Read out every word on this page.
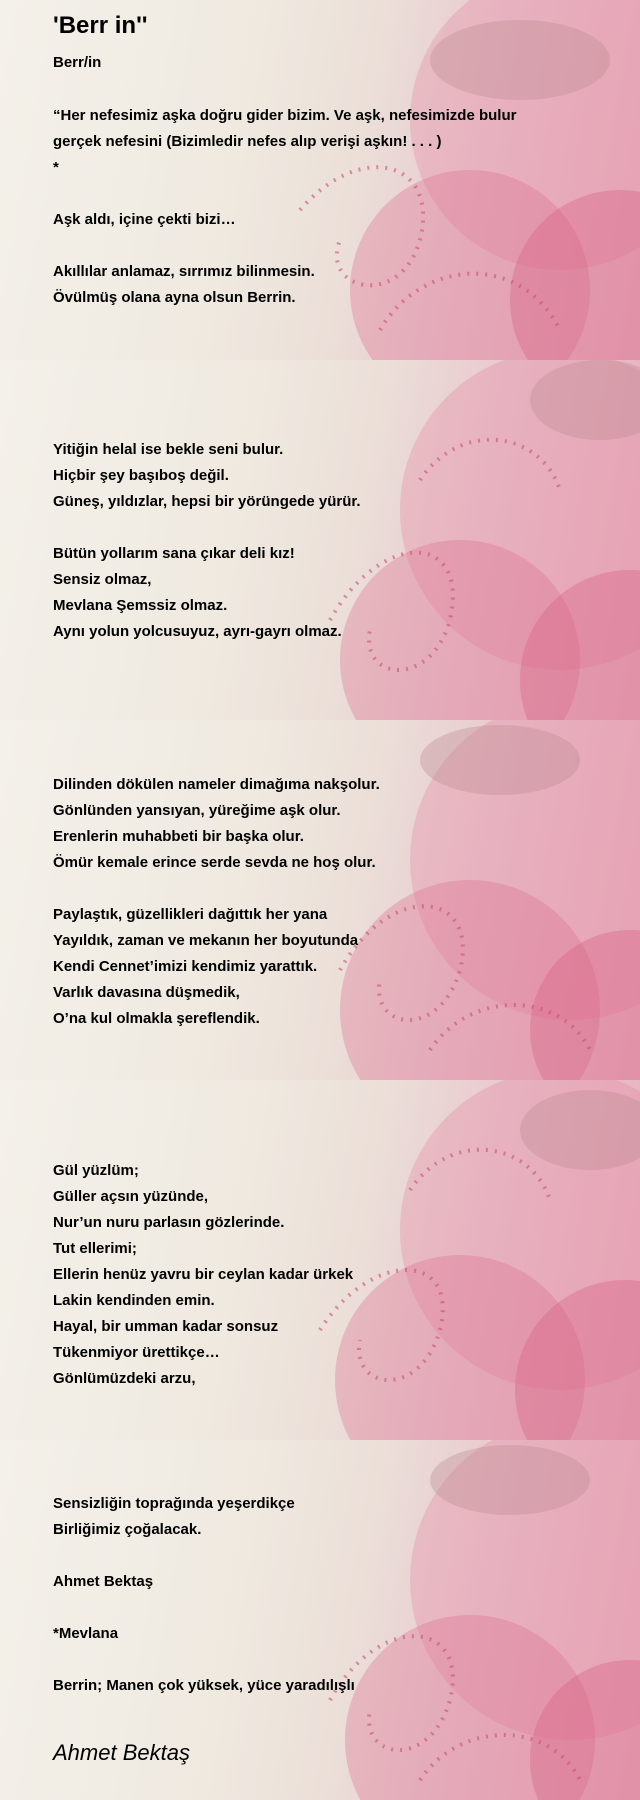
'Berr in''
Berr/in
“Her nefesimiz aşka doğru gider bizim. Ve aşk, nefesimizde bulur
gerçek nefesini (Bizimledir nefes alıp verişi aşkın! . . . )
*
Aşk aldı, içine çekti bizi…
Akıllılar anlamaz, sırrımız bilinmesin.
Övülmüş olana ayna olsun Berrin.
Yitiğin helal ise bekle seni bulur.
Hiçbir şey başıboş değil.
Güneş, yıldızlar, hepsi bir yörüngede yürür.
Bütün yollarım sana çıkar deli kız!
Sensiz olmaz,
Mevlana Şemssiz olmaz.
Aynı yolun yolcusuyuz, ayrı-gayrı olmaz.
Dilinden dökülen nameler dimağıma nakşolur.
Gönlünden yansıyan, yüreğime aşk olur.
Erenlerin muhabbeti bir başka olur.
Ömür kemale erince serde sevda ne hoş olur.
Paylaştık, güzellikleri dağıttık her yana
Yayıldık, zaman ve mekanın her boyutunda
Kendi Cennet’imizi kendimiz yarattık.
Varlık davasına düşmedik,
O’na kul olmakla şereflendik.
Gül yüzlüm;
Güller açsın yüzünde,
Nur’un nuru parlasın gözlerinde.
Tut ellerimi;
Ellerin henüz yavru bir ceylan kadar ürkek
Lakin kendinden emin.
Hayal, bir umman kadar sonsuz
Tükenmiyor ürettikçe…
Gönlümüzdeki arzu,
Sensizliğin toprağında yeşerdikçe
Birliğimiz çoğalacak.
Ahmet Bektaş
*Mevlana
Berrin; Manen çok yüksek, yüce yaradılışlı
Ahmet Bektaş
